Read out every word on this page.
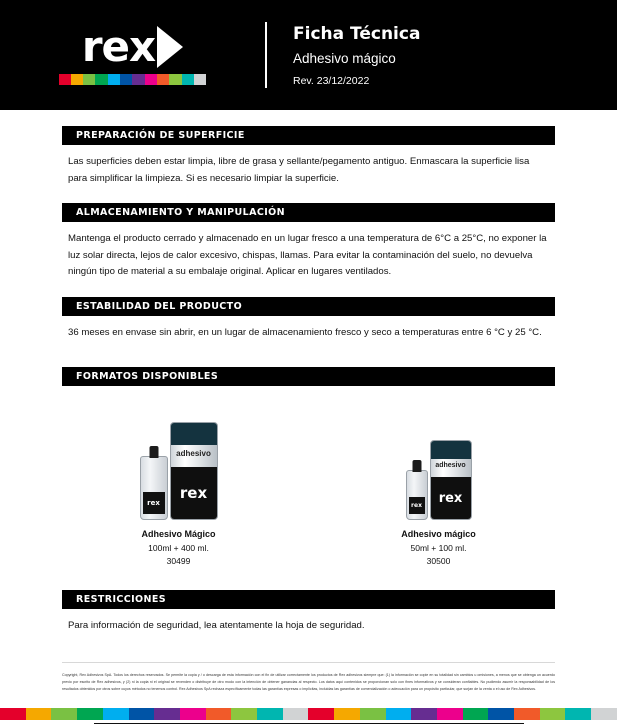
rex	Ficha Técnica
Adhesivo mágico
Rev. 23/12/2022
PREPARACIÓN DE SUPERFICIE
Las superficies deben estar limpia, libre de grasa y sellante/pegamento antiguo. Enmascara la superficie lisa para simplificar la limpieza. Si es necesario limpiar la superficie.
ALMACENAMIENTO Y MANIPULACIÓN
Mantenga el producto cerrado y almacenado en un lugar fresco a una temperatura de 6°C a 25°C, no exponer la luz solar directa, lejos de calor excesivo, chispas, llamas. Para evitar la contaminación del suelo, no devuelva ningún tipo de material a su embalaje original. Aplicar en lugares ventilados.
ESTABILIDAD DEL PRODUCTO
36 meses en envase sin abrir, en un lugar de almacenamiento fresco y seco a temperaturas entre 6 °C y 25 °C.
FORMATOS DISPONIBLES
rex
adhesivo
rex
Adhesivo Mágico
100ml + 400 ml.
30499
rex
adhesivo
rex
Adhesivo mágico
50ml + 100 ml.
30500
RESTRICCIONES
Para información de seguridad, lea atentamente la hoja de seguridad.
Copyright, Rex Adhesivos SpA. Todos los derechos reservados. Se permite la copia y / o descarga de esta información con el fin de utilizar correctamente los productos de Rex adhesivos siempre que: (1) la información se copie en su totalidad sin cambios u omisiones, a menos que se obtenga un acuerdo previo por escrito de Rex adhesivos, y (2) ni la copia ni el original se revenden o distribuye de otro modo con la intención de obtener ganancias al respecto. Los datos aquí contenidos se proporcionan solo con fines informativos y se consideran confiables. No pudiendo asumir la responsabilidad de los resultados obtenidos por otros sobre cuyos métodos no tenemos control. Rex Adhesivos SpA rechaza específicamente todas las garantías expresas o implícitas, incluidas las garantías de comercialización o adecuación para un propósito particular, que surjan de la venta o el uso de Rex Adhesivos.
